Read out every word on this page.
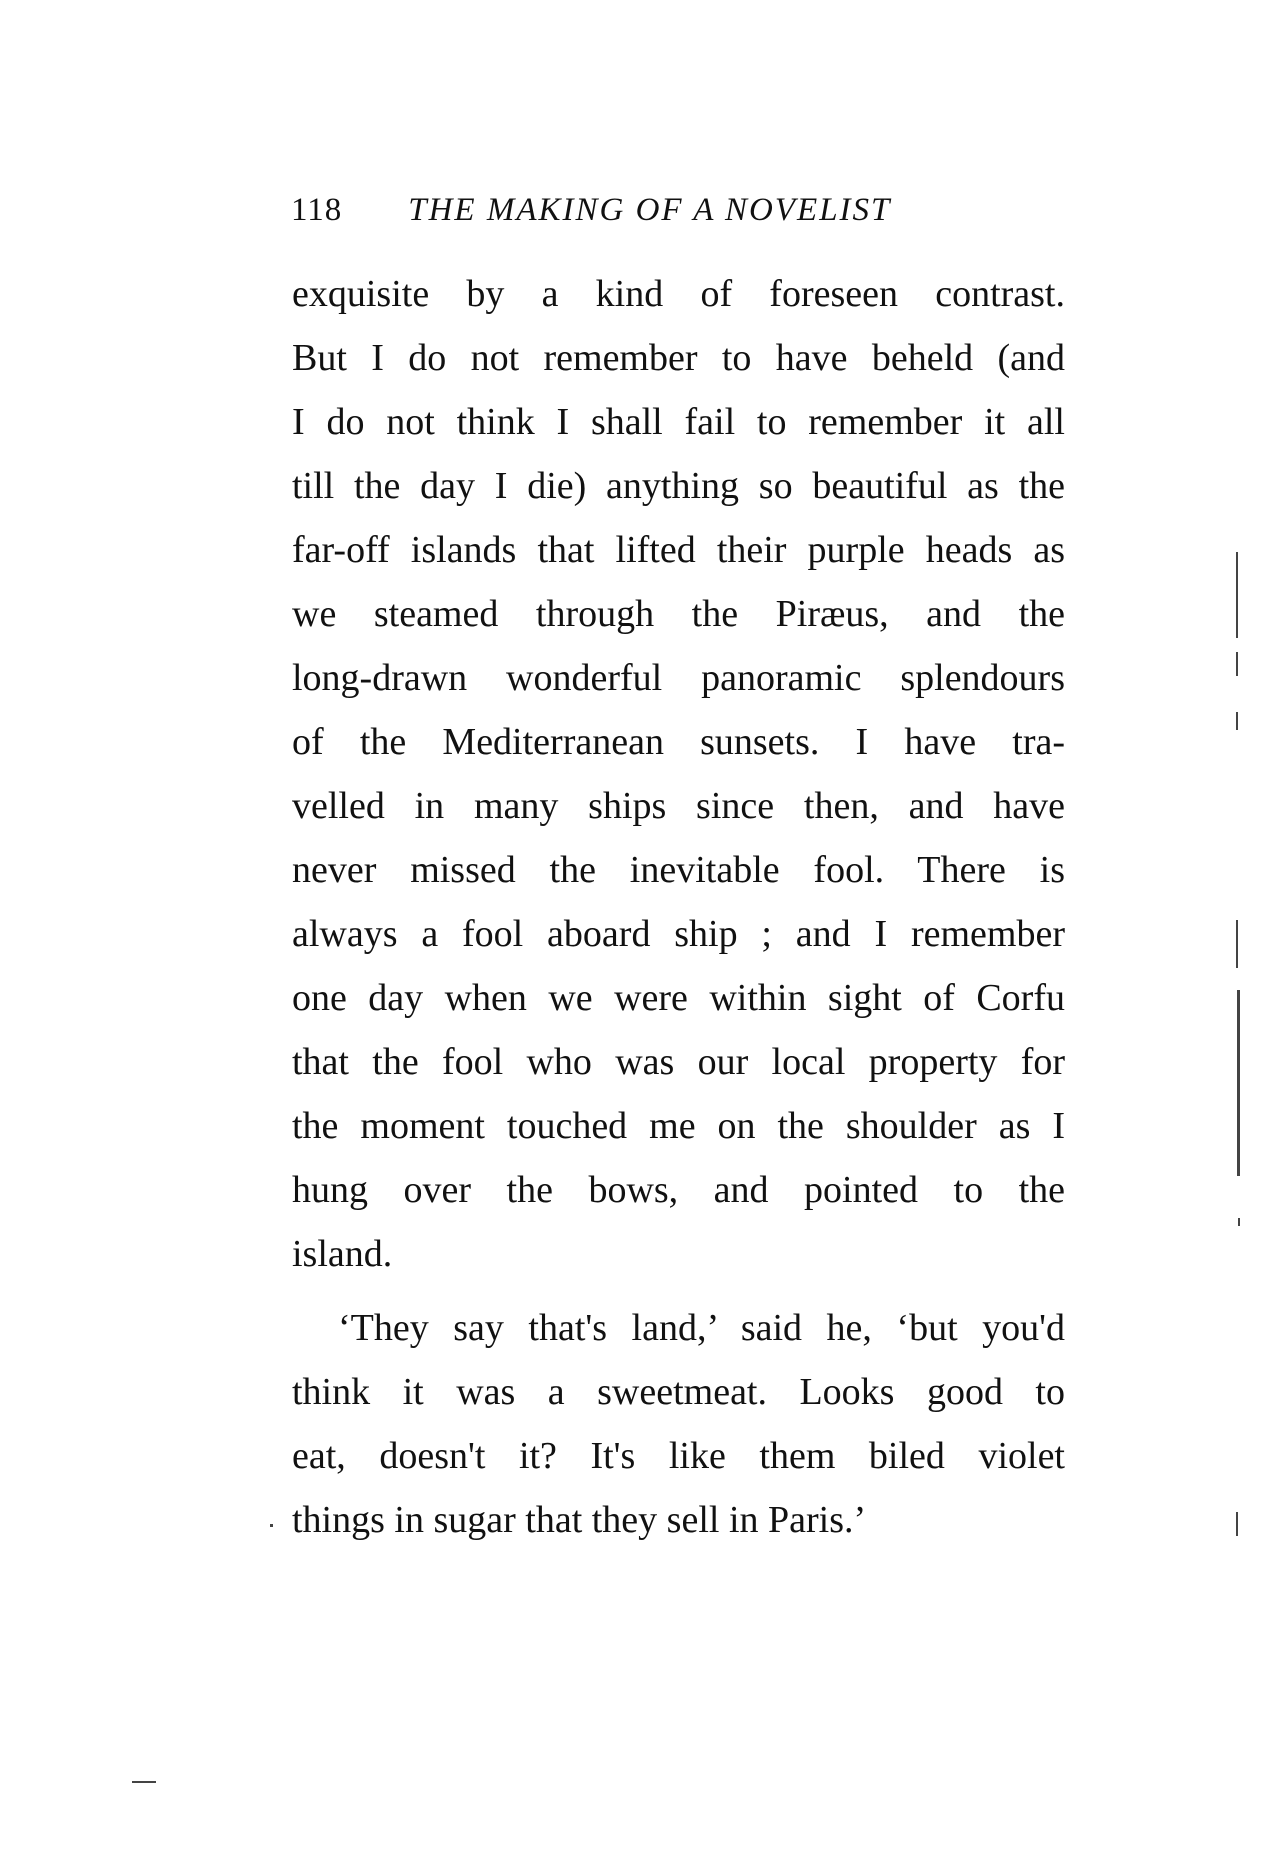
118 THE MAKING OF A NOVELIST
exquisite by a kind of foreseen contrast.
But I do not remember to have beheld (and
I do not think I shall fail to remember it all
till the day I die) anything so beautiful as the
far-off islands that lifted their purple heads as
we steamed through the Piræus, and the
long-drawn wonderful panoramic splendours
of the Mediterranean sunsets. I have tra-
velled in many ships since then, and have
never missed the inevitable fool. There is
always a fool aboard ship ; and I remember
one day when we were within sight of Corfu
that the fool who was our local property for
the moment touched me on the shoulder as I
hung over the bows, and pointed to the
island.
‘They say that's land,’ said he, ‘but you'd
think it was a sweetmeat. Looks good to
eat, doesn't it? It's like them biled violet
things in sugar that they sell in Paris.’
